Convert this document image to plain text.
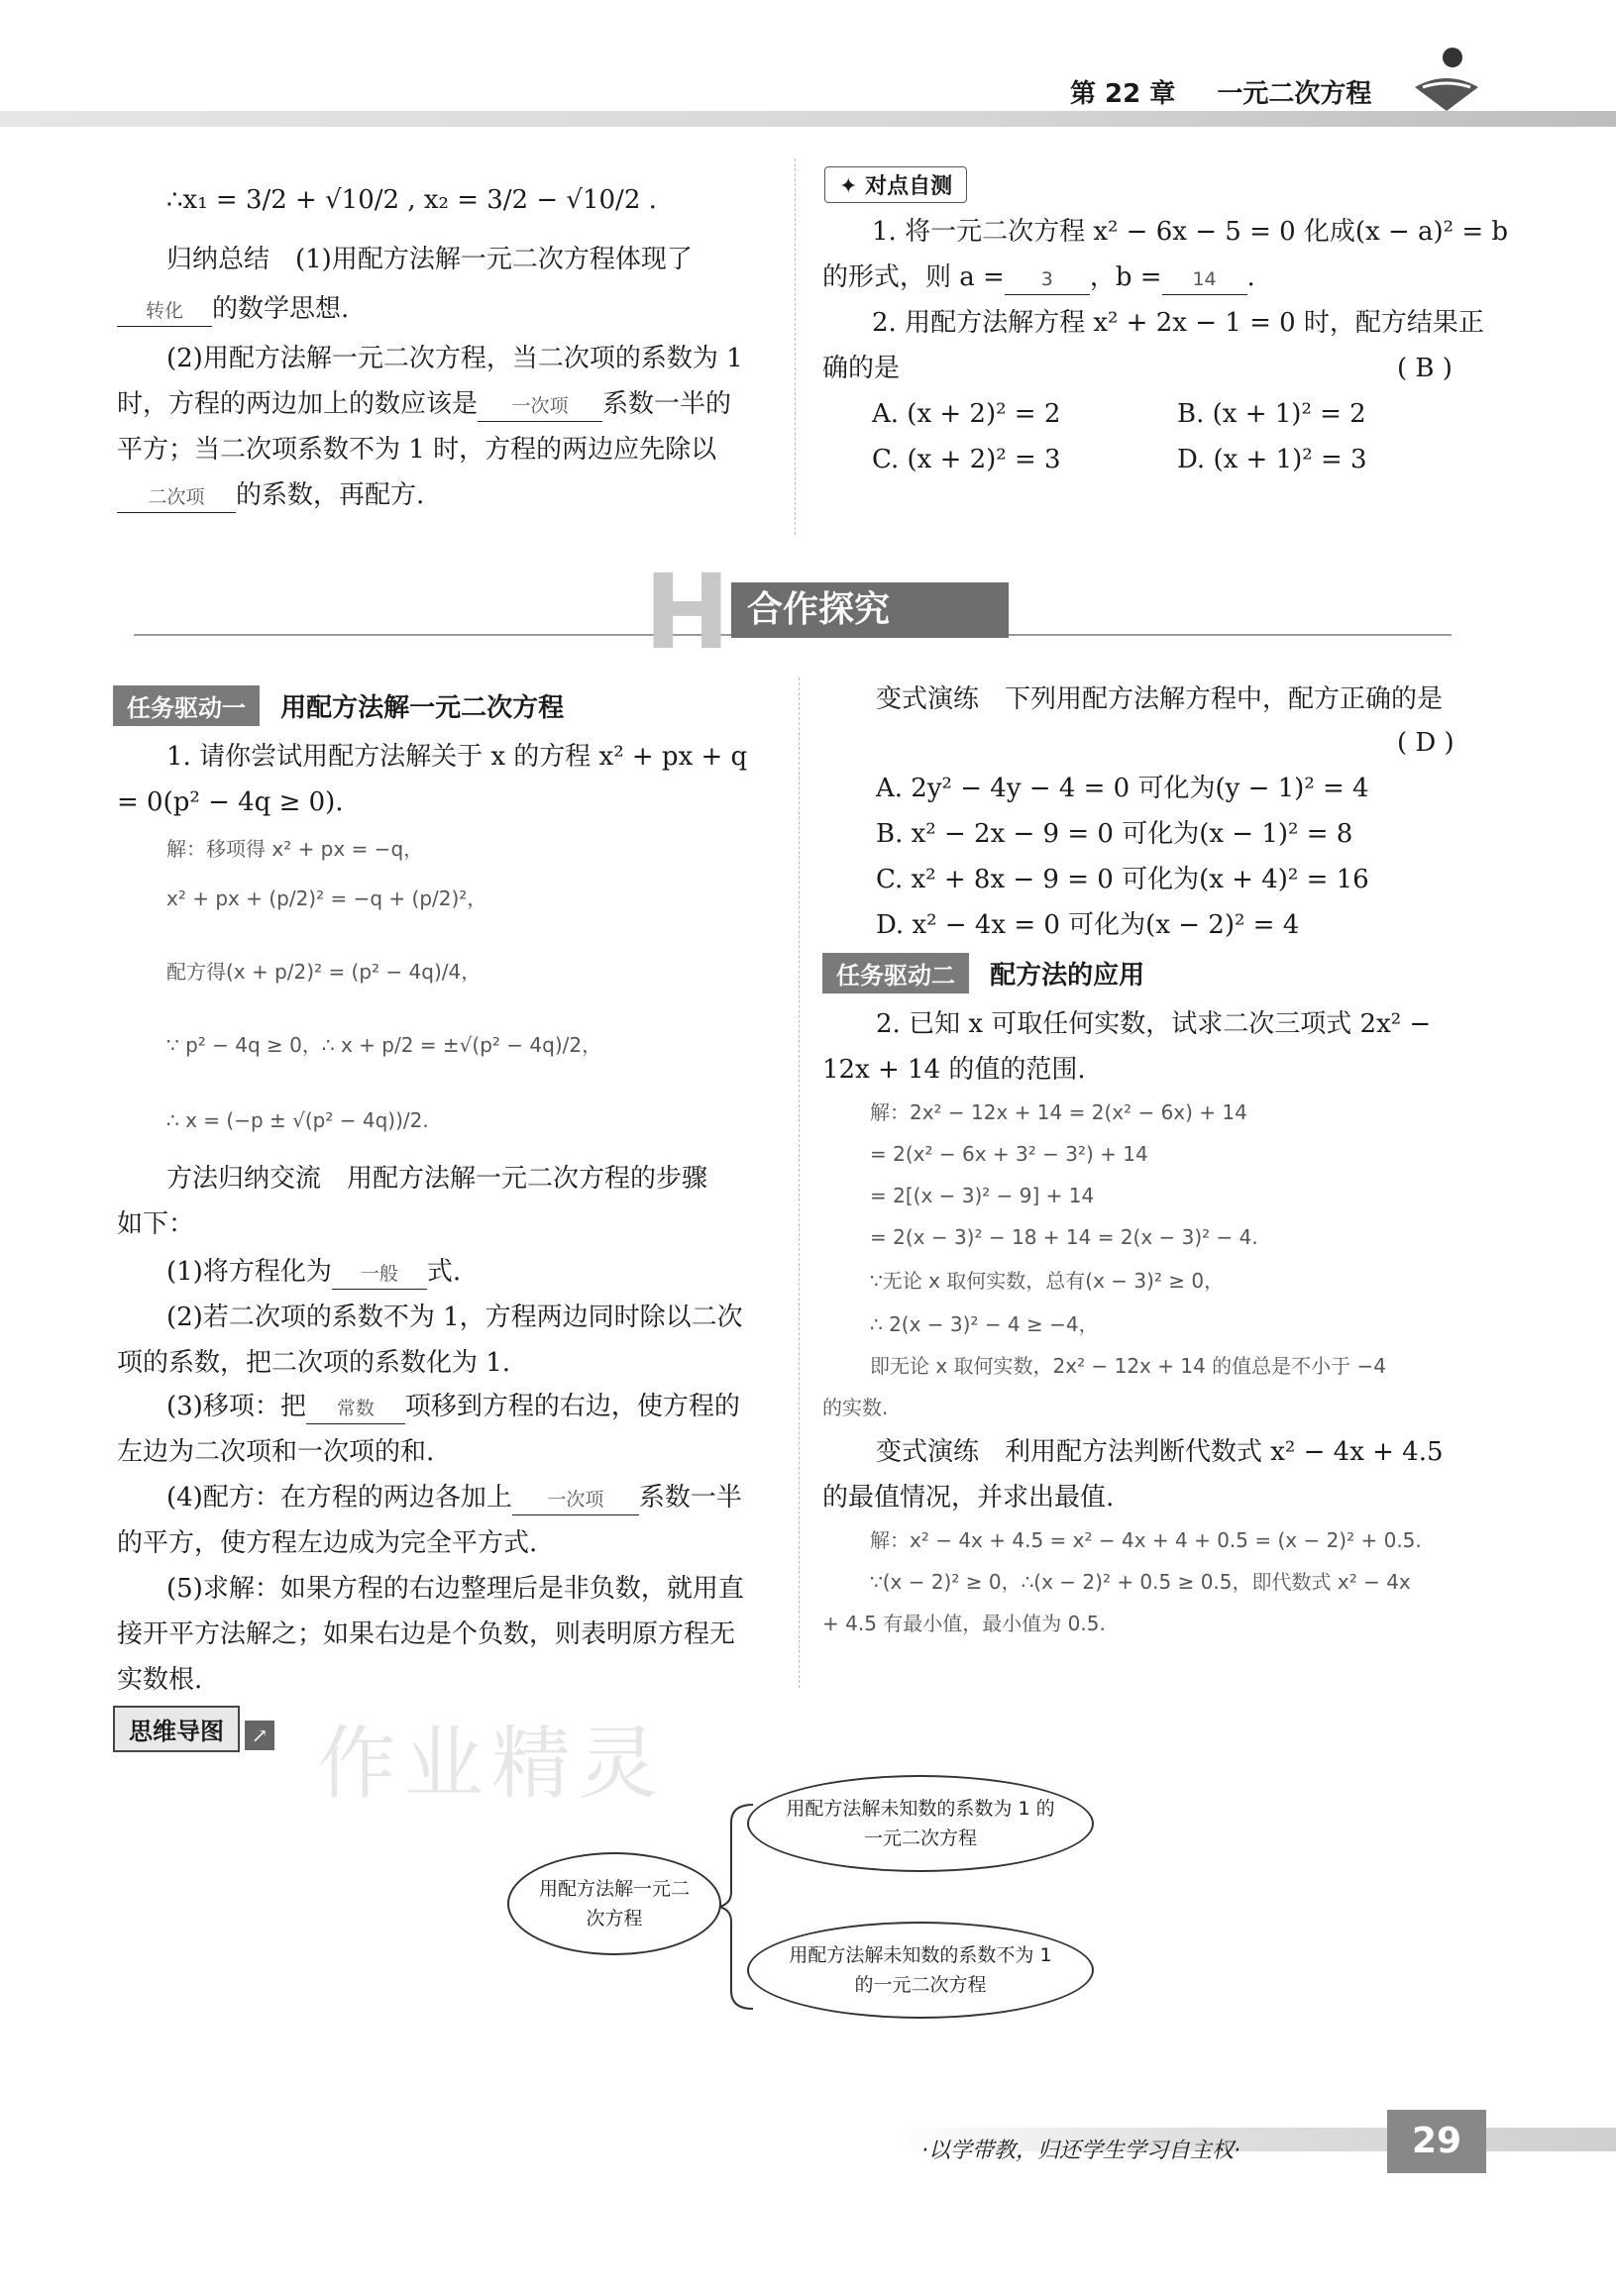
第 22 章 一元二次方程
∴x₁ = 3/2 + √10/2 , x₂ = 3/2 − √10/2 .
归纳总结　(1)用配方法解一元二次方程体现了
转化 的数学思想.
(2)用配方法解一元二次方程，当二次项的系数为 1
时，方程的两边加上的数应该是 一次项 系数一半的
平方；当二次项系数不为 1 时，方程的两边应先除以
二次项 的系数，再配方.
✦ 对点自测
1. 将一元二次方程 x² − 6x − 5 = 0 化成(x − a)² = b
的形式，则 a = 3 ，b = 14 .
2. 用配方法解方程 x² + 2x − 1 = 0 时，配方结果正
确的是	( B )
A. (x + 2)² = 2	B. (x + 1)² = 2
C. (x + 2)² = 3	D. (x + 1)² = 3
H 合作探究
任务驱动一 用配方法解一元二次方程
1. 请你尝试用配方法解关于 x 的方程 x² + px + q
= 0(p² − 4q ≥ 0).
解：移项得 x² + px = −q，
x² + px + (p/2)² = −q + (p/2)²，
配方得(x + p/2)² = (p² − 4q)/4，
∵ p² − 4q ≥ 0，∴ x + p/2 = ±√(p² − 4q)/2，
∴ x = (−p ± √(p² − 4q))/2.
方法归纳交流　用配方法解一元二次方程的步骤
如下：
(1)将方程化为 一般 式.
(2)若二次项的系数不为 1，方程两边同时除以二次
项的系数，把二次项的系数化为 1.
(3)移项：把 常数 项移到方程的右边，使方程的
左边为二次项和一次项的和.
(4)配方：在方程的两边各加上 一次项 系数一半
的平方，使方程左边成为完全平方式.
(5)求解：如果方程的右边整理后是非负数，就用直
接开平方法解之；如果右边是个负数，则表明原方程无
实数根.
变式演练　下列用配方法解方程中，配方正确的是
( D )
A. 2y² − 4y − 4 = 0 可化为(y − 1)² = 4
B. x² − 2x − 9 = 0 可化为(x − 1)² = 8
C. x² + 8x − 9 = 0 可化为(x + 4)² = 16
D. x² − 4x = 0 可化为(x − 2)² = 4
任务驱动二 配方法的应用
2. 已知 x 可取任何实数，试求二次三项式 2x² −
12x + 14 的值的范围.
解：2x² − 12x + 14 = 2(x² − 6x) + 14
= 2(x² − 6x + 3² − 3²) + 14
= 2[(x − 3)² − 9] + 14
= 2(x − 3)² − 18 + 14 = 2(x − 3)² − 4.
∵无论 x 取何实数，总有(x − 3)² ≥ 0，
∴ 2(x − 3)² − 4 ≥ −4，
即无论 x 取何实数，2x² − 12x + 14 的值总是不小于 −4
的实数.
变式演练　利用配方法判断代数式 x² − 4x + 4.5
的最值情况，并求出最值.
解：x² − 4x + 4.5 = x² − 4x + 4 + 0.5 = (x − 2)² + 0.5.
∵(x − 2)² ≥ 0，∴(x − 2)² + 0.5 ≥ 0.5，即代数式 x² − 4x
+ 4.5 有最小值，最小值为 0.5.
思维导图 ↗ 作业精灵
用配方法解一元二次方程
用配方法解未知数的系数为 1 的一元二次方程
用配方法解未知数的系数不为 1 的一元二次方程
·以学带教，归还学生学习自主权·	29
